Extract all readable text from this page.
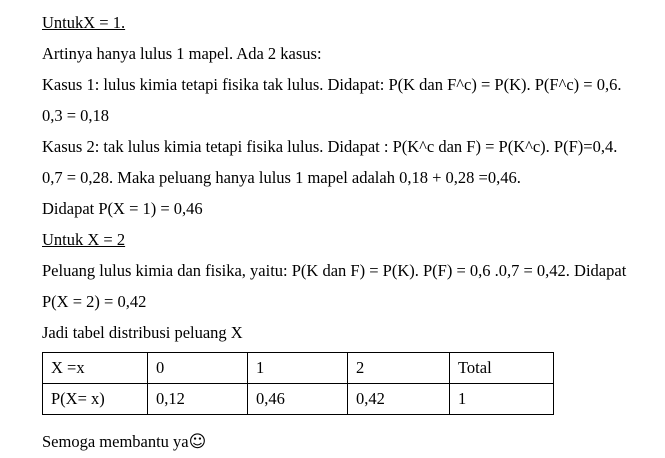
UntukX = 1.
Artinya hanya lulus 1 mapel. Ada 2 kasus:
Kasus 1: lulus kimia tetapi fisika tak lulus. Didapat: P(K dan F^c) = P(K). P(F^c) = 0,6.
0,3 = 0,18
Kasus 2: tak lulus kimia tetapi fisika lulus. Didapat : P(K^c dan F) = P(K^c). P(F)=0,4.
0,7 = 0,28. Maka peluang hanya lulus 1 mapel adalah 0,18 + 0,28 =0,46.
Didapat P(X = 1) = 0,46
Untuk X = 2
Peluang lulus kimia dan fisika, yaitu: P(K dan F) = P(K). P(F) = 0,6 .0,7 = 0,42. Didapat
P(X = 2) = 0,42
Jadi tabel distribusi peluang X
X =x	0	1	2	Total
P(X= x)	0,12	0,46	0,42	1
Semoga membantu ya☺
